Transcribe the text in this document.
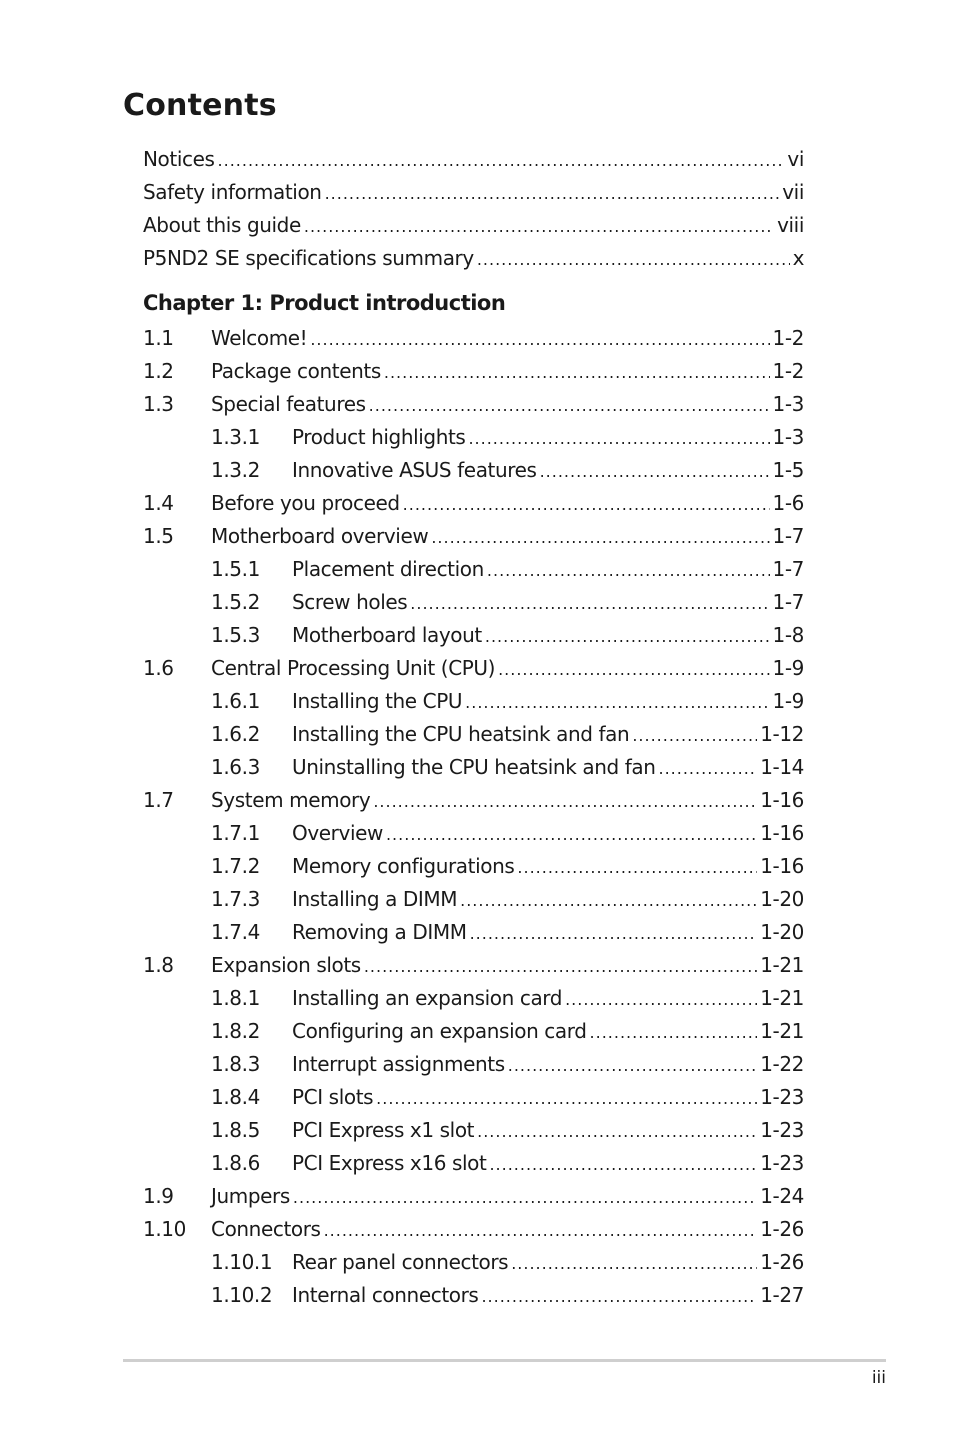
Contents
Notices .....	vi
Safety information .....	vii
About this guide .....	viii
P5ND2 SE specifications summary .....	x
Chapter 1: Product introduction
1.1	Welcome! .....	1-2
1.2	Package contents .....	1-2
1.3	Special features .....	1-3
1.3.1	Product highlights .....	1-3
1.3.2	Innovative ASUS features .....	1-5
1.4	Before you proceed .....	1-6
1.5	Motherboard overview .....	1-7
1.5.1	Placement direction .....	1-7
1.5.2	Screw holes .....	1-7
1.5.3	Motherboard layout .....	1-8
1.6	Central Processing Unit (CPU) .....	1-9
1.6.1	Installing the CPU .....	1-9
1.6.2	Installing the CPU heatsink and fan .....	1-12
1.6.3	Uninstalling the CPU heatsink and fan .....	1-14
1.7	System memory .....	1-16
1.7.1	Overview .....	1-16
1.7.2	Memory configurations .....	1-16
1.7.3	Installing a DIMM .....	1-20
1.7.4	Removing a DIMM .....	1-20
1.8	Expansion slots .....	1-21
1.8.1	Installing an expansion card .....	1-21
1.8.2	Configuring an expansion card .....	1-21
1.8.3	Interrupt assignments .....	1-22
1.8.4	PCI slots .....	1-23
1.8.5	PCI Express x1 slot .....	1-23
1.8.6	PCI Express x16 slot .....	1-23
1.9	Jumpers .....	1-24
1.10	Connectors .....	1-26
1.10.1 Rear panel connectors .....	1-26
1.10.2 Internal connectors .....	1-27
iii
